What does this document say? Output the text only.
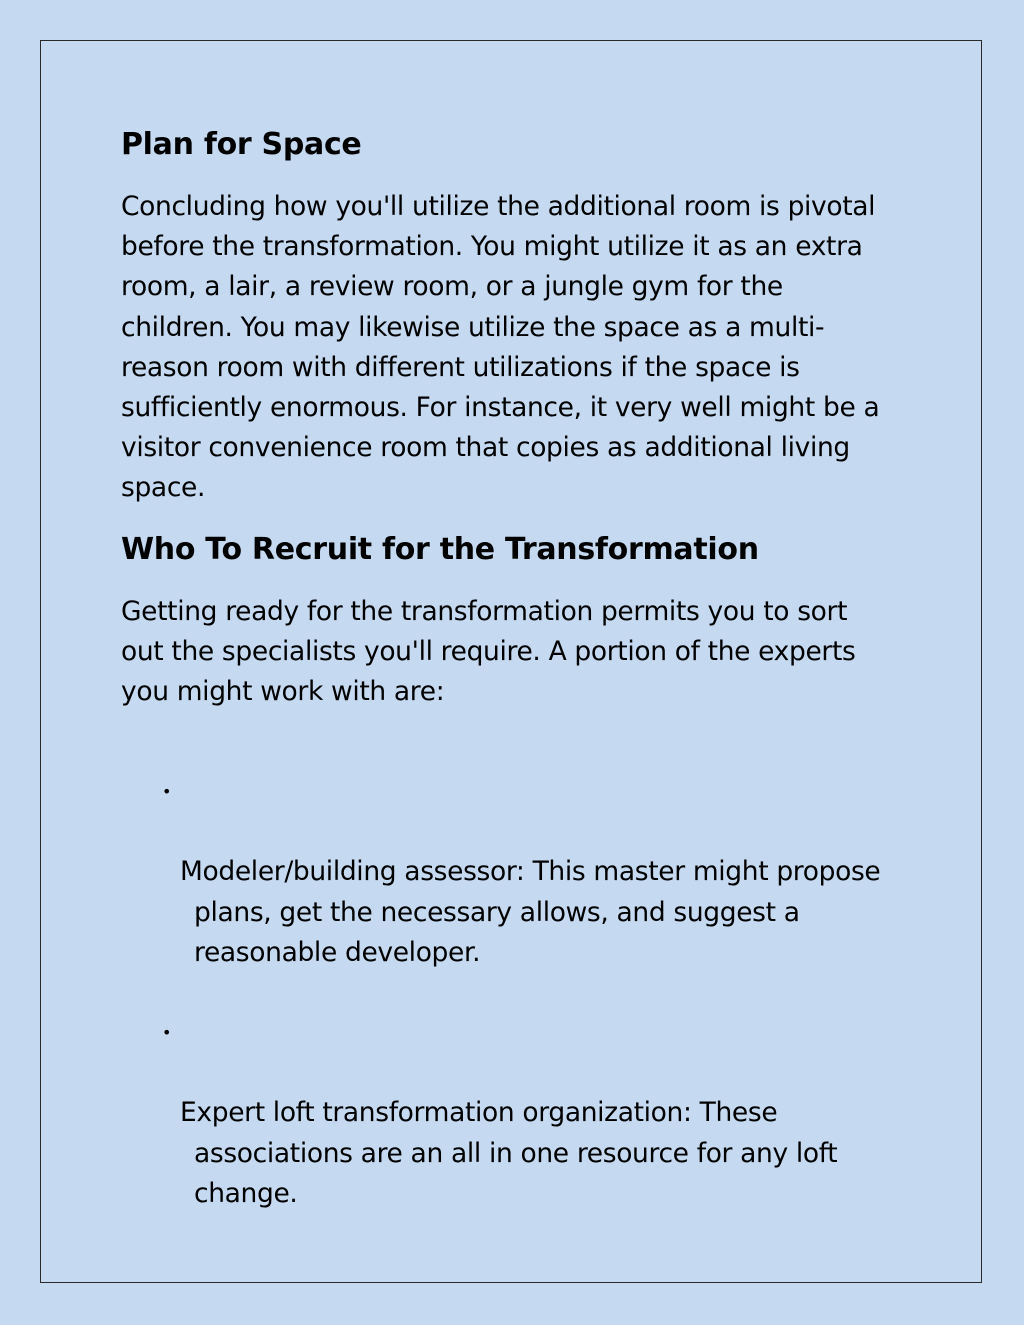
Plan for Space

Concluding how you'll utilize the additional room is pivotal
before the transformation. You might utilize it as an extra
room, a lair, a review room, or a jungle gym for the
children. You may likewise utilize the space as a multi-
reason room with different utilizations if the space is
sufficiently enormous. For instance, it very well might be a
visitor convenience room that copies as additional living
space.

Who To Recruit for the Transformation

Getting ready for the transformation permits you to sort
out the specialists you'll require. A portion of the experts
you might work with are:

•

Modeler/building assessor: This master might propose
plans, get the necessary allows, and suggest a
reasonable developer.

•

Expert loft transformation organization: These
associations are an all in one resource for any loft
change.
